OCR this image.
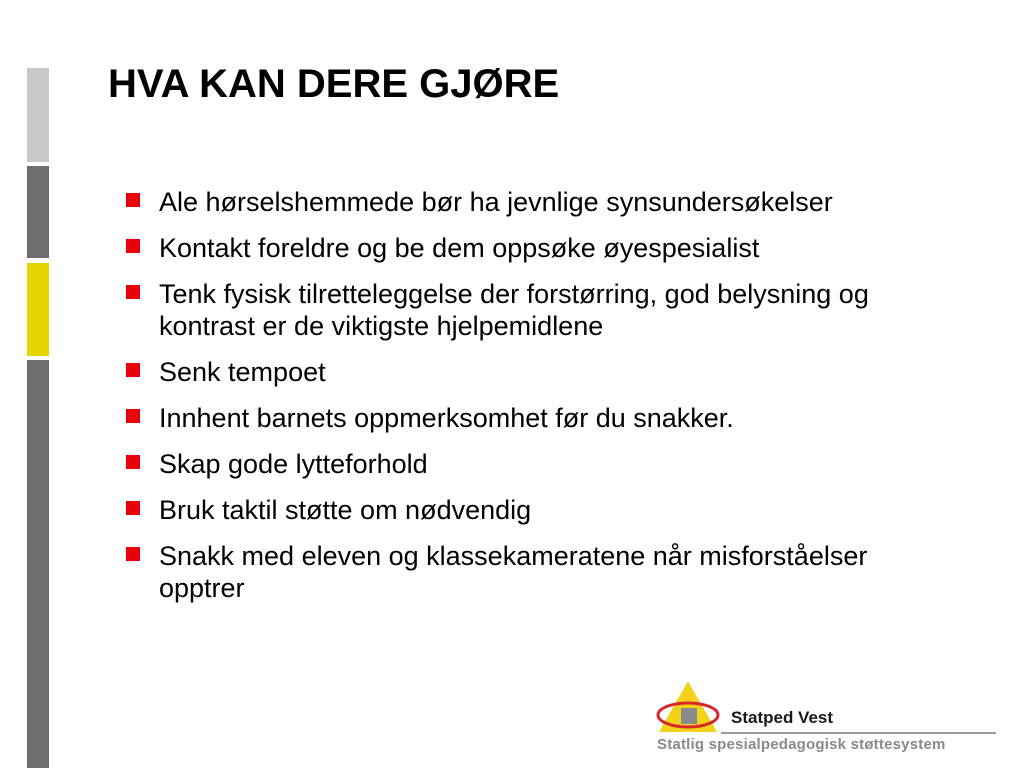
HVA KAN DERE GJØRE
Ale hørselshemmede bør ha jevnlige synsundersøkelser
Kontakt foreldre og be dem oppsøke øyespesialist
Tenk fysisk tilretteleggelse der forstørring, god belysning og kontrast er de viktigste hjelpemidlene
Senk tempoet
Innhent barnets oppmerksomhet før du snakker.
Skap gode lytteforhold
Bruk taktil støtte om nødvendig
Snakk med eleven og klassekameratene når misforståelser opptrer
Statped Vest
Statlig spesialpedagogisk støttesystem
